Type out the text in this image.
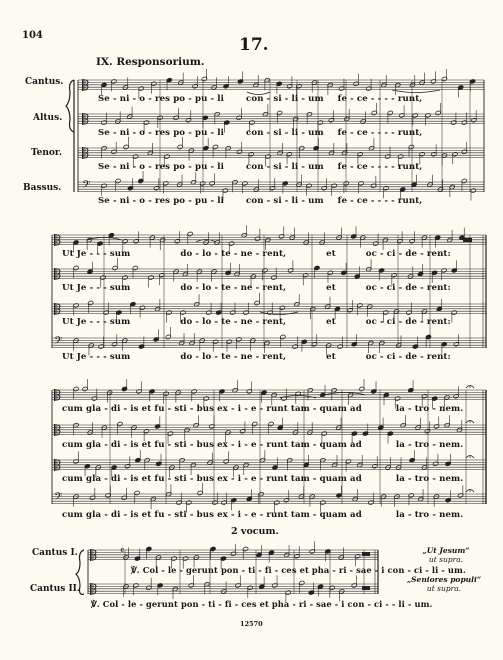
𝄢
𝄢
𝄢
𝄴
104	17.
IX. Responsorium.
Cantus.
Altus.
Tenor.
Bassus.
Se - ni - o - res po - pu - li	con - si - li - um fe - ce - - - - runt,
Se - ni - o - res po - pu - li	con - si - li - um fe - ce - - - - runt,
Se - ni - o - res po - pu - li	con - si - li - um fe - ce - - - - runt,
Se - ni - o - res po - pu - li	con - si - li - um fe - ce - - - - runt,
Ut Je - - - sum	do - lo - te - ne - rent,	et	oc - ci - de - rent:
Ut Je - - - sum	do - lo - te - ne - rent,	et	oc - ci - de - rent:
Ut Je - - - sum	do - lo - te - ne - rent,	et	oc - ci - de - rent:
Ut Je - - - sum	do - lo - te - ne - rent,	et	oc - ci - de - rent:
cum gla - di - is et fu - sti - bus ex - i - e - runt tam - quam ad	la - tro - nem.
cum gla - di - is et fu - sti - bus ex - i - e - runt tam - quam ad	la - tro - nem.
cum gla - di - is et fu - sti - bus ex - i - e - runt tam - quam ad	la - tro - nem.
cum gla - di - is et fu - sti - bus ex - i - e - runt tam - quam ad	la - tro - nem.
2 vocum.
Cantus I.
Cantus II.
℣. Col - le - gerunt pon - ti - fi - ces et pha - ri - sae - i con - ci - li - um.
℣. Col - le - gerunt pon - ti - fi - ces et pha - ri - sae - i con - ci - - li - um.
„Ut Jesum“
ut supra.
„Seniores populi“
ut supra.
12570
